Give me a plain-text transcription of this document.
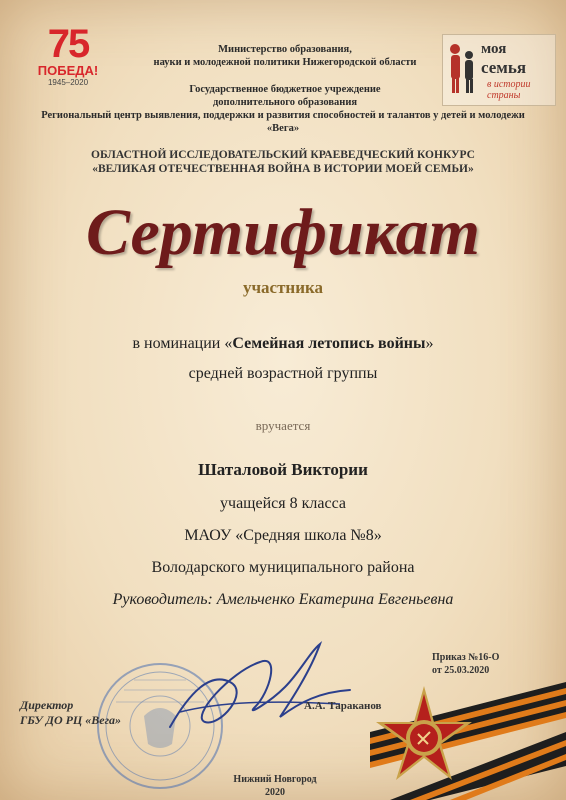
75
ПОБЕДА!
1945–2020
моя
семья
в истории страны
Министерство образования,
науки и молодежной политики Нижегородской области
Государственное бюджетное учреждение
дополнительного образования
Региональный центр выявления, поддержки и развития способностей и талантов у детей и молодежи
«Вега»
ОБЛАСТНОЙ ИССЛЕДОВАТЕЛЬСКИЙ КРАЕВЕДЧЕСКИЙ КОНКУРС
«ВЕЛИКАЯ ОТЕЧЕСТВЕННАЯ ВОЙНА В ИСТОРИИ МОЕЙ СЕМЬИ»
Сертификат
участника
в номинации «Семейная летопись войны»
средней возрастной группы
вручается
Шаталовой Виктории
учащейся 8 класса
МАОУ «Средняя школа №8»
Володарского муниципального района
Руководитель: Амельченко Екатерина Евгеньевна
Приказ №16-О
от 25.03.2020
Директор
ГБУ ДО РЦ «Вега»
А.А. Тараканов
Нижний Новгород
2020
